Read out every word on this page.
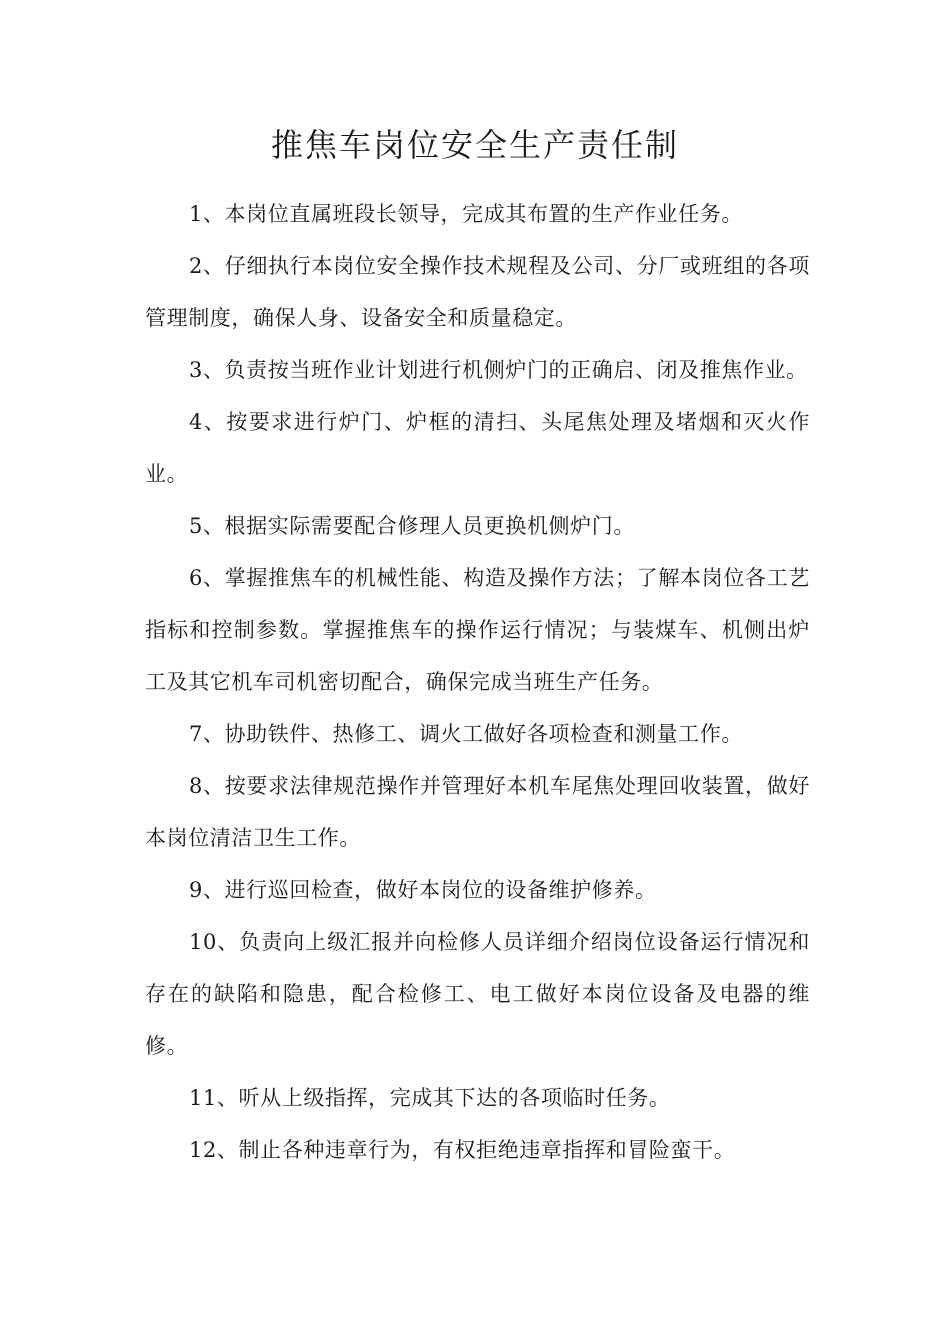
推焦车岗位安全生产责任制

1、本岗位直属班段长领导，完成其布置的生产作业任务。

2、仔细执行本岗位安全操作技术规程及公司、分厂或班组的各项管理制度，确保人身、设备安全和质量稳定。

3、负责按当班作业计划进行机侧炉门的正确启、闭及推焦作业。

4、按要求进行炉门、炉框的清扫、头尾焦处理及堵烟和灭火作业。

5、根据实际需要配合修理人员更换机侧炉门。

6、掌握推焦车的机械性能、构造及操作方法；了解本岗位各工艺指标和控制参数。掌握推焦车的操作运行情况；与装煤车、机侧出炉工及其它机车司机密切配合，确保完成当班生产任务。

7、协助铁件、热修工、调火工做好各项检查和测量工作。

8、按要求法律规范操作并管理好本机车尾焦处理回收装置，做好本岗位清洁卫生工作。

9、进行巡回检查，做好本岗位的设备维护修养。

10、负责向上级汇报并向检修人员详细介绍岗位设备运行情况和存在的缺陷和隐患，配合检修工、电工做好本岗位设备及电器的维修。

11、听从上级指挥，完成其下达的各项临时任务。

12、制止各种违章行为，有权拒绝违章指挥和冒险蛮干。
